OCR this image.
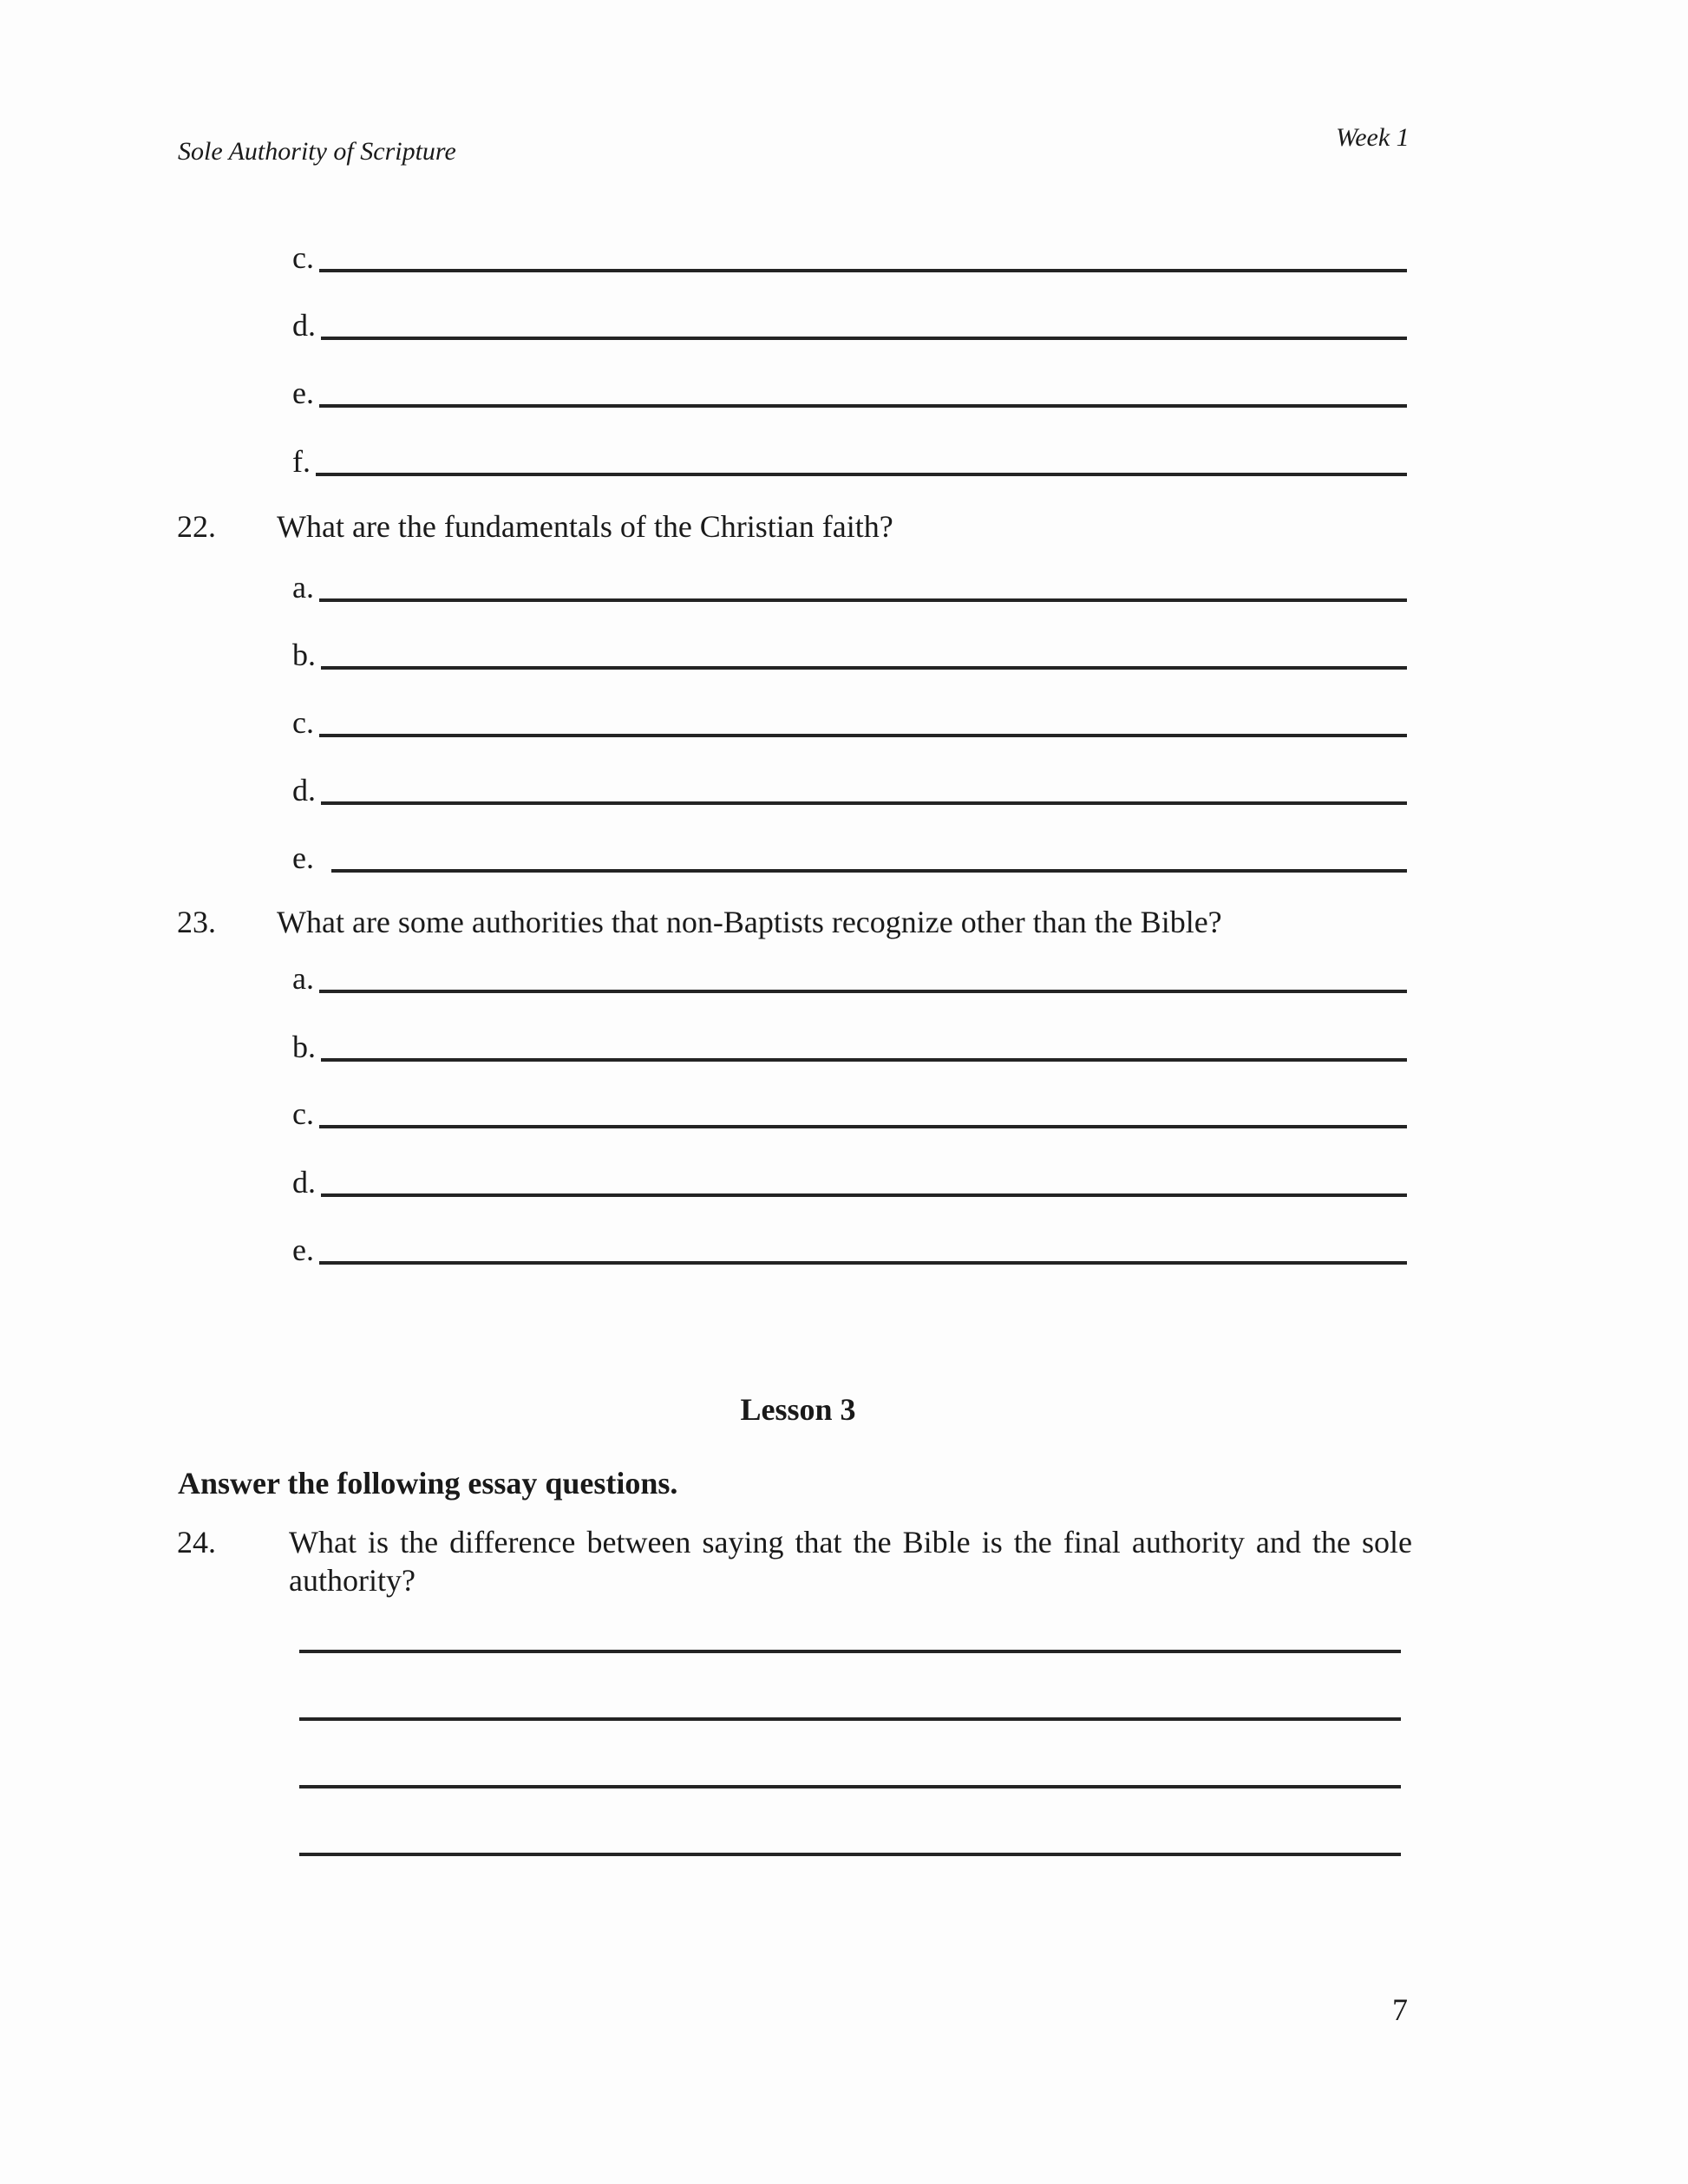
Sole Authority of Scripture	Week 1
c.
d.
e.
f.
22. What are the fundamentals of the Christian faith?
a.
b.
c.
d.
e.
23. What are some authorities that non-Baptists recognize other than the Bible?
a.
b.
c.
d.
e.
Lesson 3
Answer the following essay questions.
24.	What is the difference between saying that the Bible is the final authority and the sole authority?
7
